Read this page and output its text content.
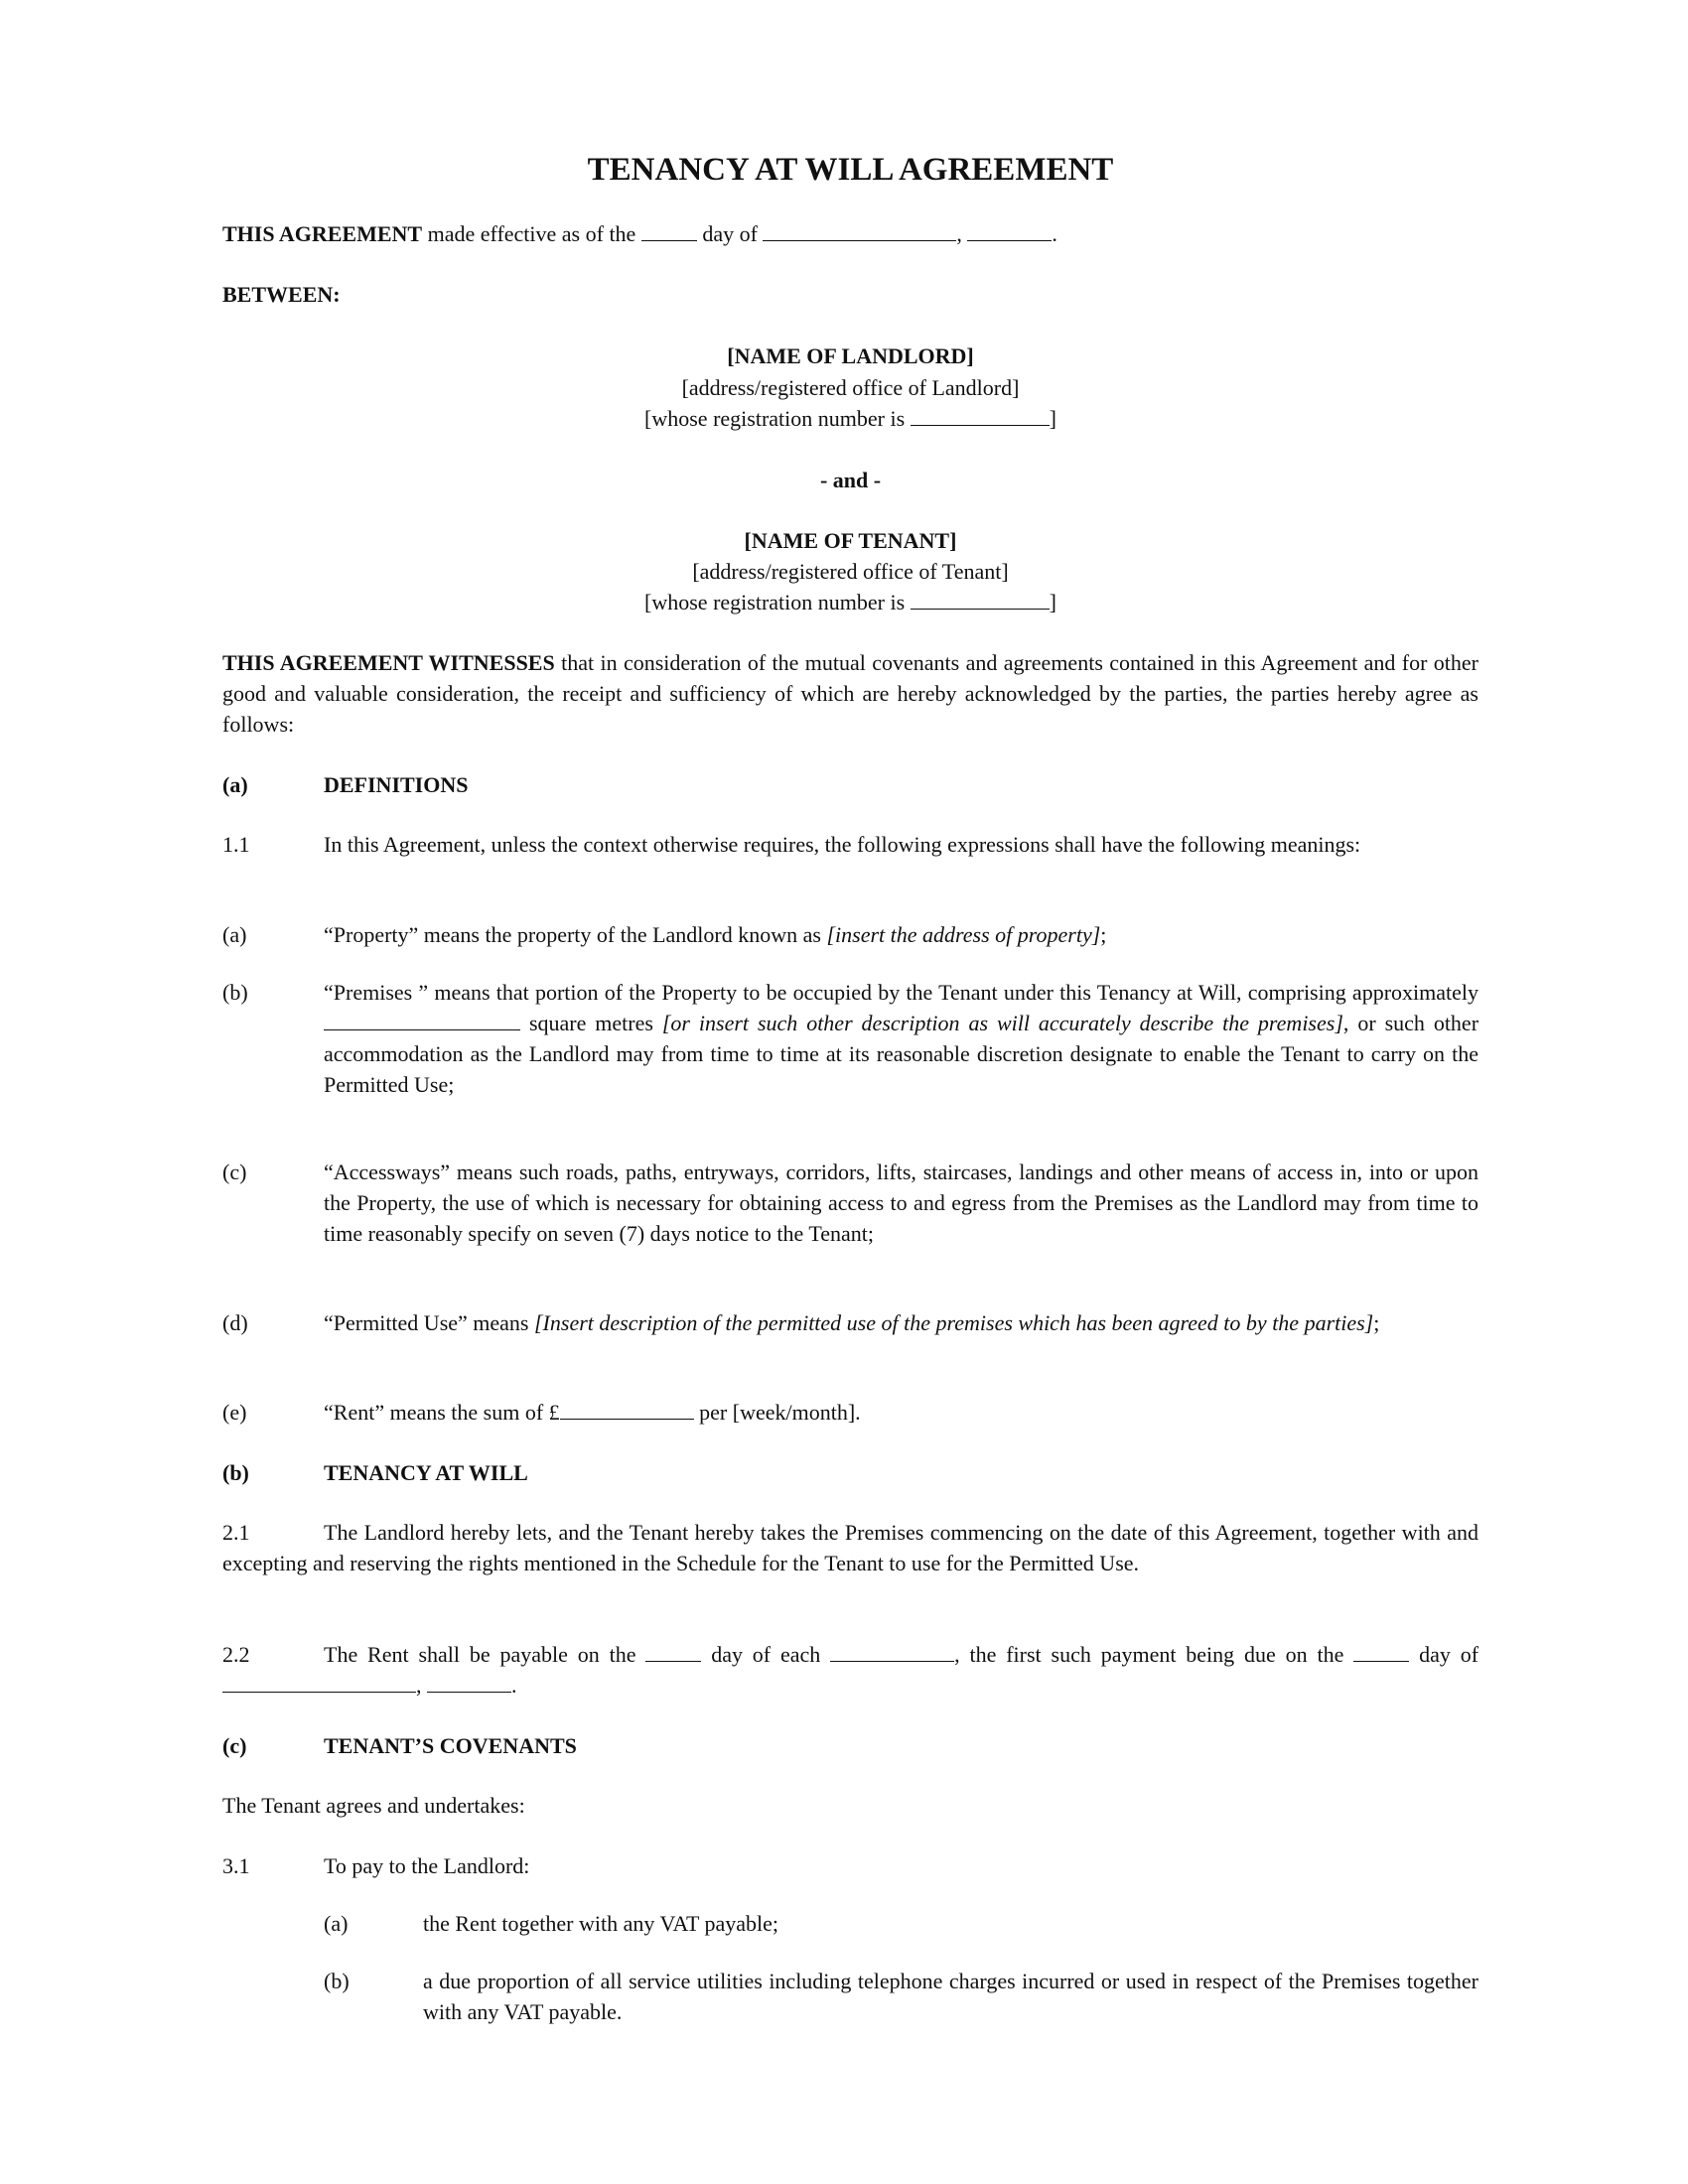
TENANCY AT WILL AGREEMENT
THIS AGREEMENT made effective as of the	day of	,	.
BETWEEN:
[NAME OF LANDLORD]
[address/registered office of Landlord]
[whose registration number is	]
- and -
[NAME OF TENANT]
[address/registered office of Tenant]
[whose registration number is	]
THIS AGREEMENT WITNESSES that in consideration of the mutual covenants and agreements contained in this Agreement and for other good and valuable consideration, the receipt and sufficiency of which are hereby acknowledged by the parties, the parties hereby agree as follows:
(a)	DEFINITIONS
1.1	In this Agreement, unless the context otherwise requires, the following expressions shall have the following meanings:
(a)	“Property” means the property of the Landlord known as [insert the address of property];
(b)	“Premises ” means that portion of the Property to be occupied by the Tenant under this Tenancy at Will, comprising approximately  square metres [or insert such other description as will accurately describe the premises], or such other accommodation as the Landlord may from time to time at its reasonable discretion designate to enable the Tenant to carry on the Permitted Use;
(c)	“Accessways” means such roads, paths, entryways, corridors, lifts, staircases, landings and other means of access in, into or upon the Property, the use of which is necessary for obtaining access to and egress from the Premises as the Landlord may from time to time reasonably specify on seven (7) days notice to the Tenant;
(d)	“Permitted Use” means [Insert description of the permitted use of the premises which has been agreed to by the parties];
(e)	“Rent” means the sum of £	per [week/month].
(b)	TENANCY AT WILL
2.1	The Landlord hereby lets, and the Tenant hereby takes the Premises commencing on the date of this Agreement, together with and excepting and reserving the rights mentioned in the Schedule for the Tenant to use for the Permitted Use.
2.2	The Rent shall be payable on the	day of each	, the first such payment being due on the	day of ,	.
(c)	TENANT’S COVENANTS
The Tenant agrees and undertakes:
3.1	To pay to the Landlord:
(a)	the Rent together with any VAT payable;
(b)	a due proportion of all service utilities including telephone charges incurred or used in respect of the Premises together with any VAT payable.
